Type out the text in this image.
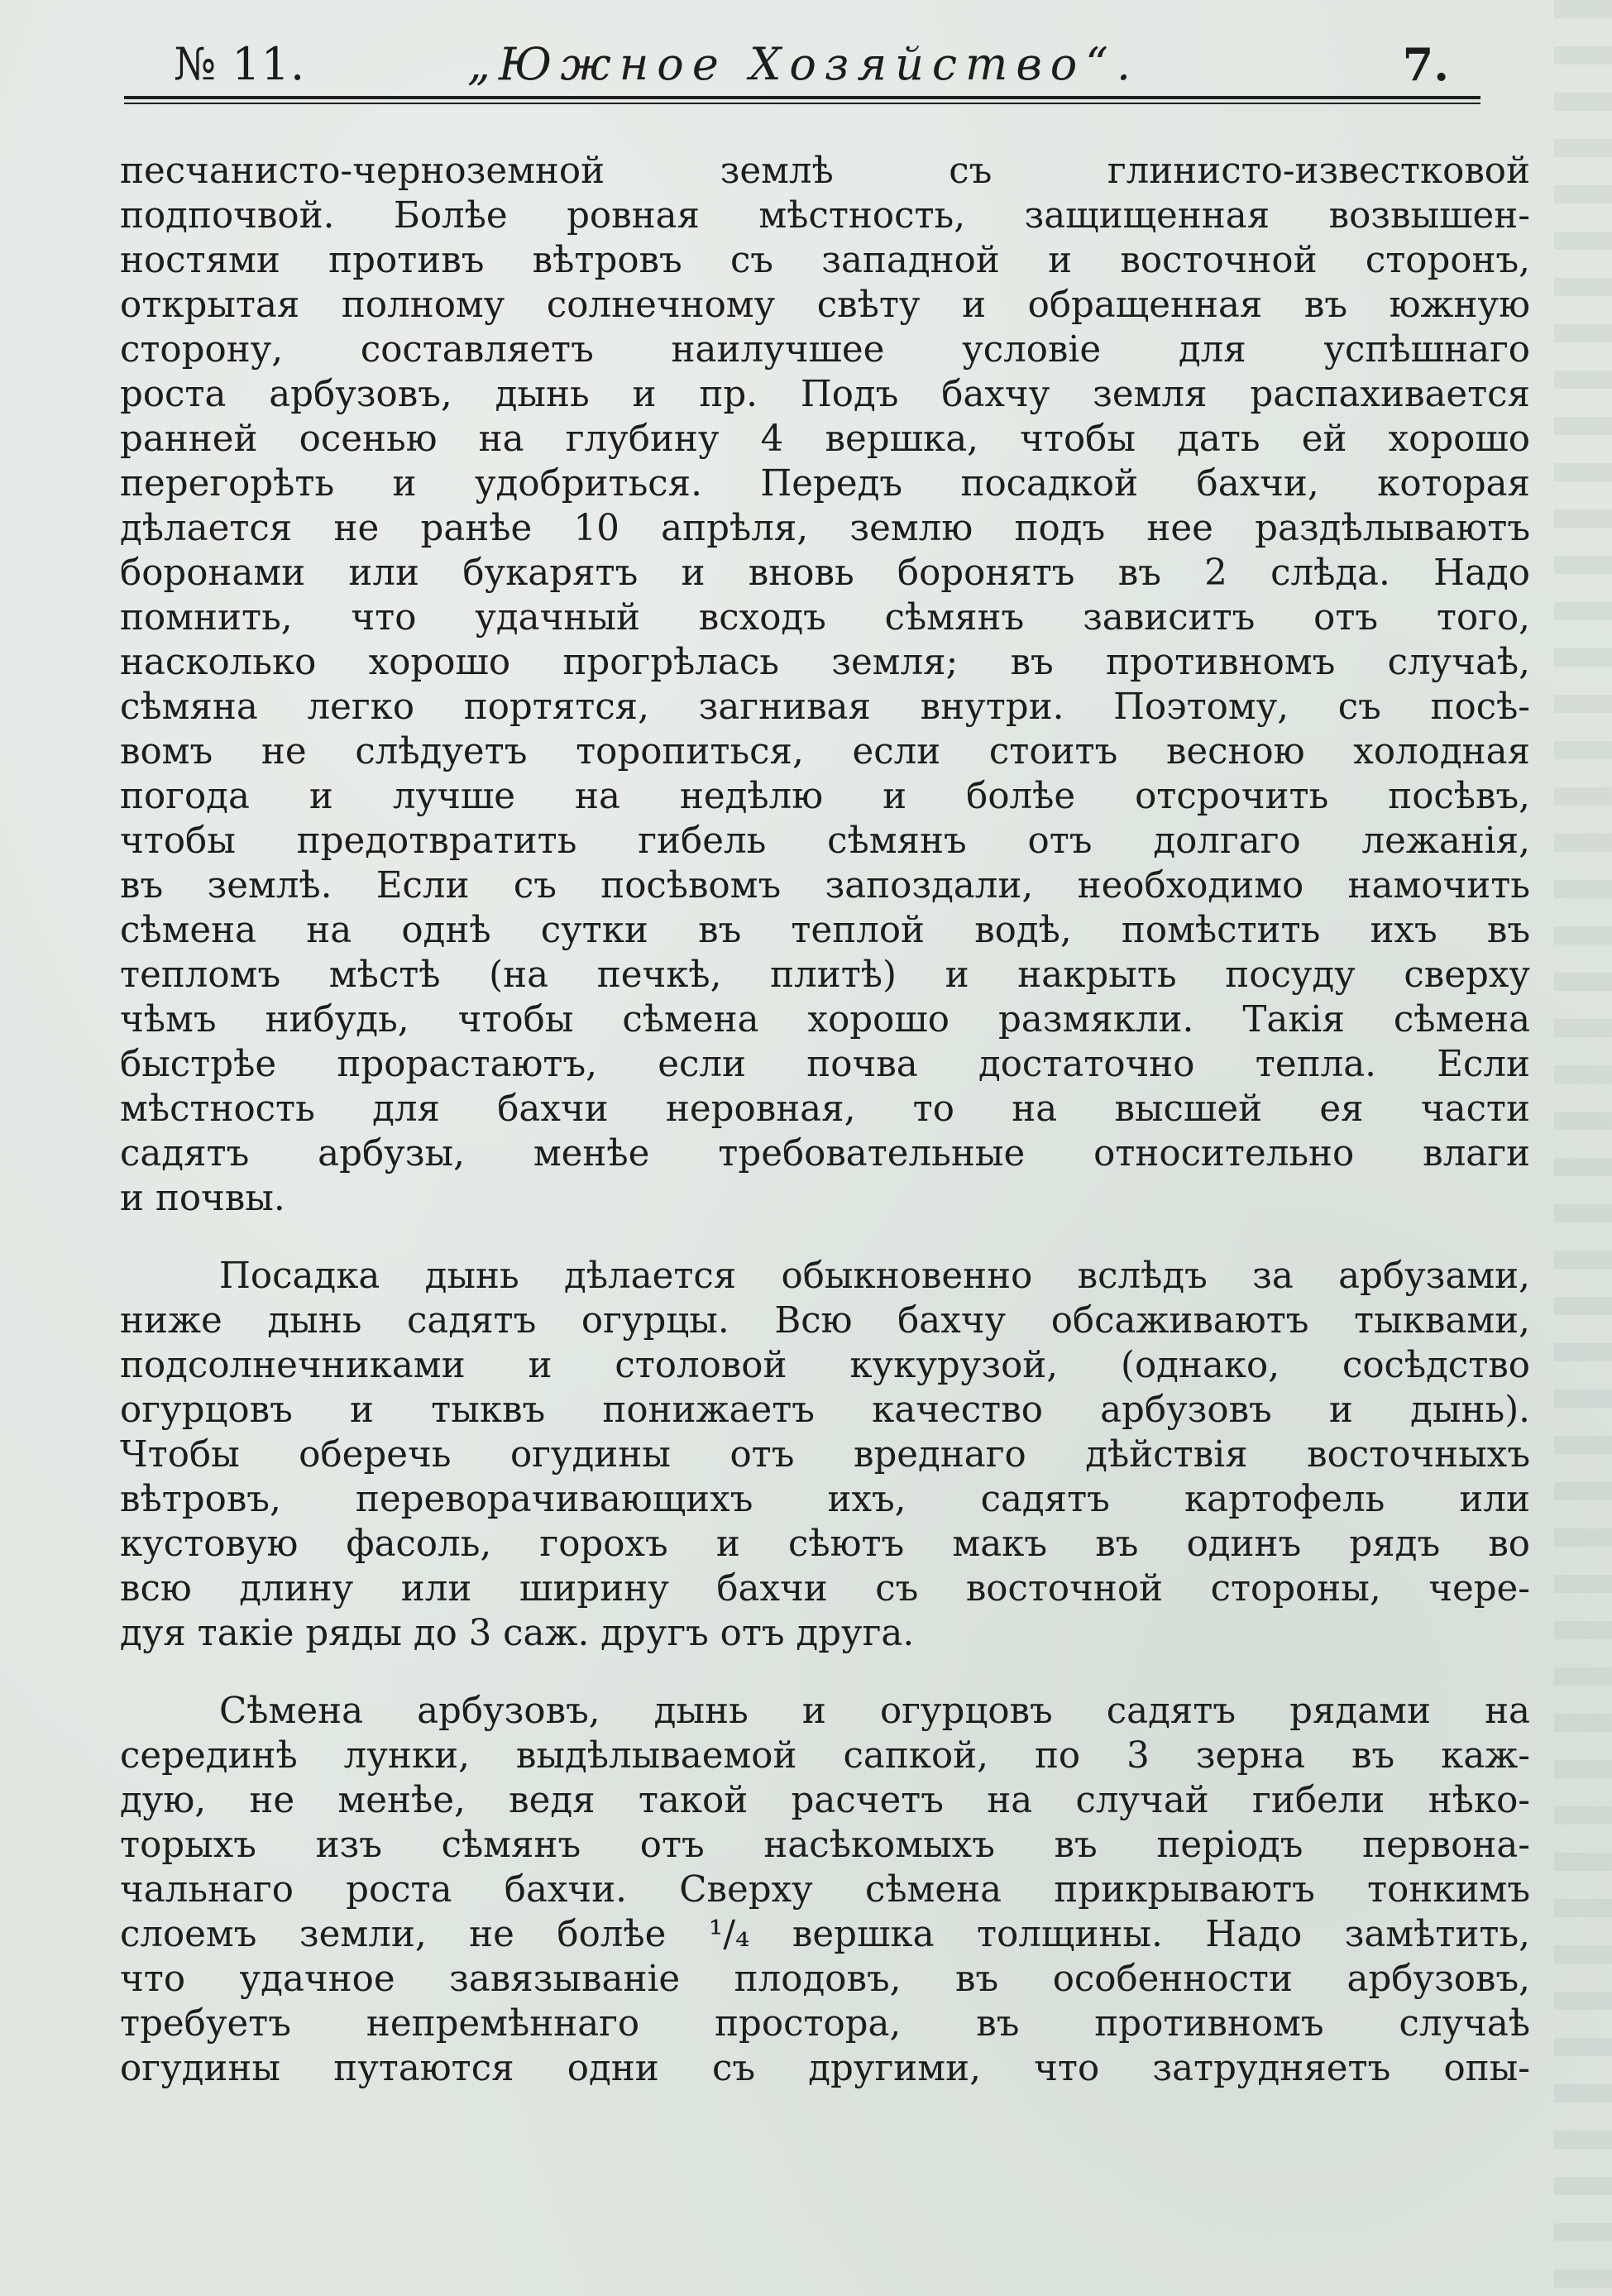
№ 11.	„Южное Хозяйство“.	7.

песчанисто-черноземной землѣ съ глинисто-известковой

подпочвой. Болѣе ровная мѣстность, защищенная возвышен-

ностями противъ вѣтровъ съ западной и восточной сторонъ,

открытая полному солнечному свѣту и обращенная въ южную

сторону, составляетъ наилучшее условіе для успѣшнаго

роста арбузовъ, дынь и пр. Подъ бахчу земля распахивается

ранней осенью на глубину 4 вершка, чтобы дать ей хорошо

перегорѣть и удобриться. Передъ посадкой бахчи, которая

дѣлается не ранѣе 10 апрѣля, землю подъ нее раздѣлываютъ

боронами или букарятъ и вновь боронятъ въ 2 слѣда. Надо

помнить, что удачный всходъ сѣмянъ зависитъ отъ того,

насколько хорошо прогрѣлась земля; въ противномъ случаѣ,

сѣмяна легко портятся, загнивая внутри. Поэтому, съ посѣ-

вомъ не слѣдуетъ торопиться, если стоитъ весною холодная

погода и лучше на недѣлю и болѣе отсрочить посѣвъ,

чтобы предотвратить гибель сѣмянъ отъ долгаго лежанія,

въ землѣ. Если съ посѣвомъ запоздали, необходимо намочить

сѣмена на однѣ сутки въ теплой водѣ, помѣстить ихъ въ

тепломъ мѣстѣ (на печкѣ, плитѣ) и накрыть посуду сверху

чѣмъ нибудь, чтобы сѣмена хорошо размякли. Такія сѣмена

быстрѣе прорастаютъ, если почва достаточно тепла. Если

мѣстность для бахчи неровная, то на высшей ея части

садятъ арбузы, менѣе требовательные относительно влаги

и почвы.

Посадка дынь дѣлается обыкновенно вслѣдъ за арбузами,

ниже дынь садятъ огурцы. Всю бахчу обсаживаютъ тыквами,

подсолнечниками и столовой кукурузой, (однако, сосѣдство

огурцовъ и тыквъ понижаетъ качество арбузовъ и дынь).

Чтобы оберечь огудины отъ вреднаго дѣйствія восточныхъ

вѣтровъ, переворачивающихъ ихъ, садятъ картофель или

кустовую фасоль, горохъ и сѣютъ макъ въ одинъ рядъ во

всю длину или ширину бахчи съ восточной стороны, чере-

дуя такіе ряды до 3 саж. другъ отъ друга.

Сѣмена арбузовъ, дынь и огурцовъ садятъ рядами на

серединѣ лунки, выдѣлываемой сапкой, по 3 зерна въ каж-

дую, не менѣе, ведя такой расчетъ на случай гибели нѣко-

торыхъ изъ сѣмянъ отъ насѣкомыхъ въ періодъ первона-

чальнаго роста бахчи. Сверху сѣмена прикрываютъ тонкимъ

слоемъ земли, не болѣе ¹/₄ вершка толщины. Надо замѣтить,

что удачное завязываніе плодовъ, въ особенности арбузовъ,

требуетъ непремѣннаго простора, въ противномъ случаѣ

огудины путаются одни съ другими, что затрудняетъ опы-
